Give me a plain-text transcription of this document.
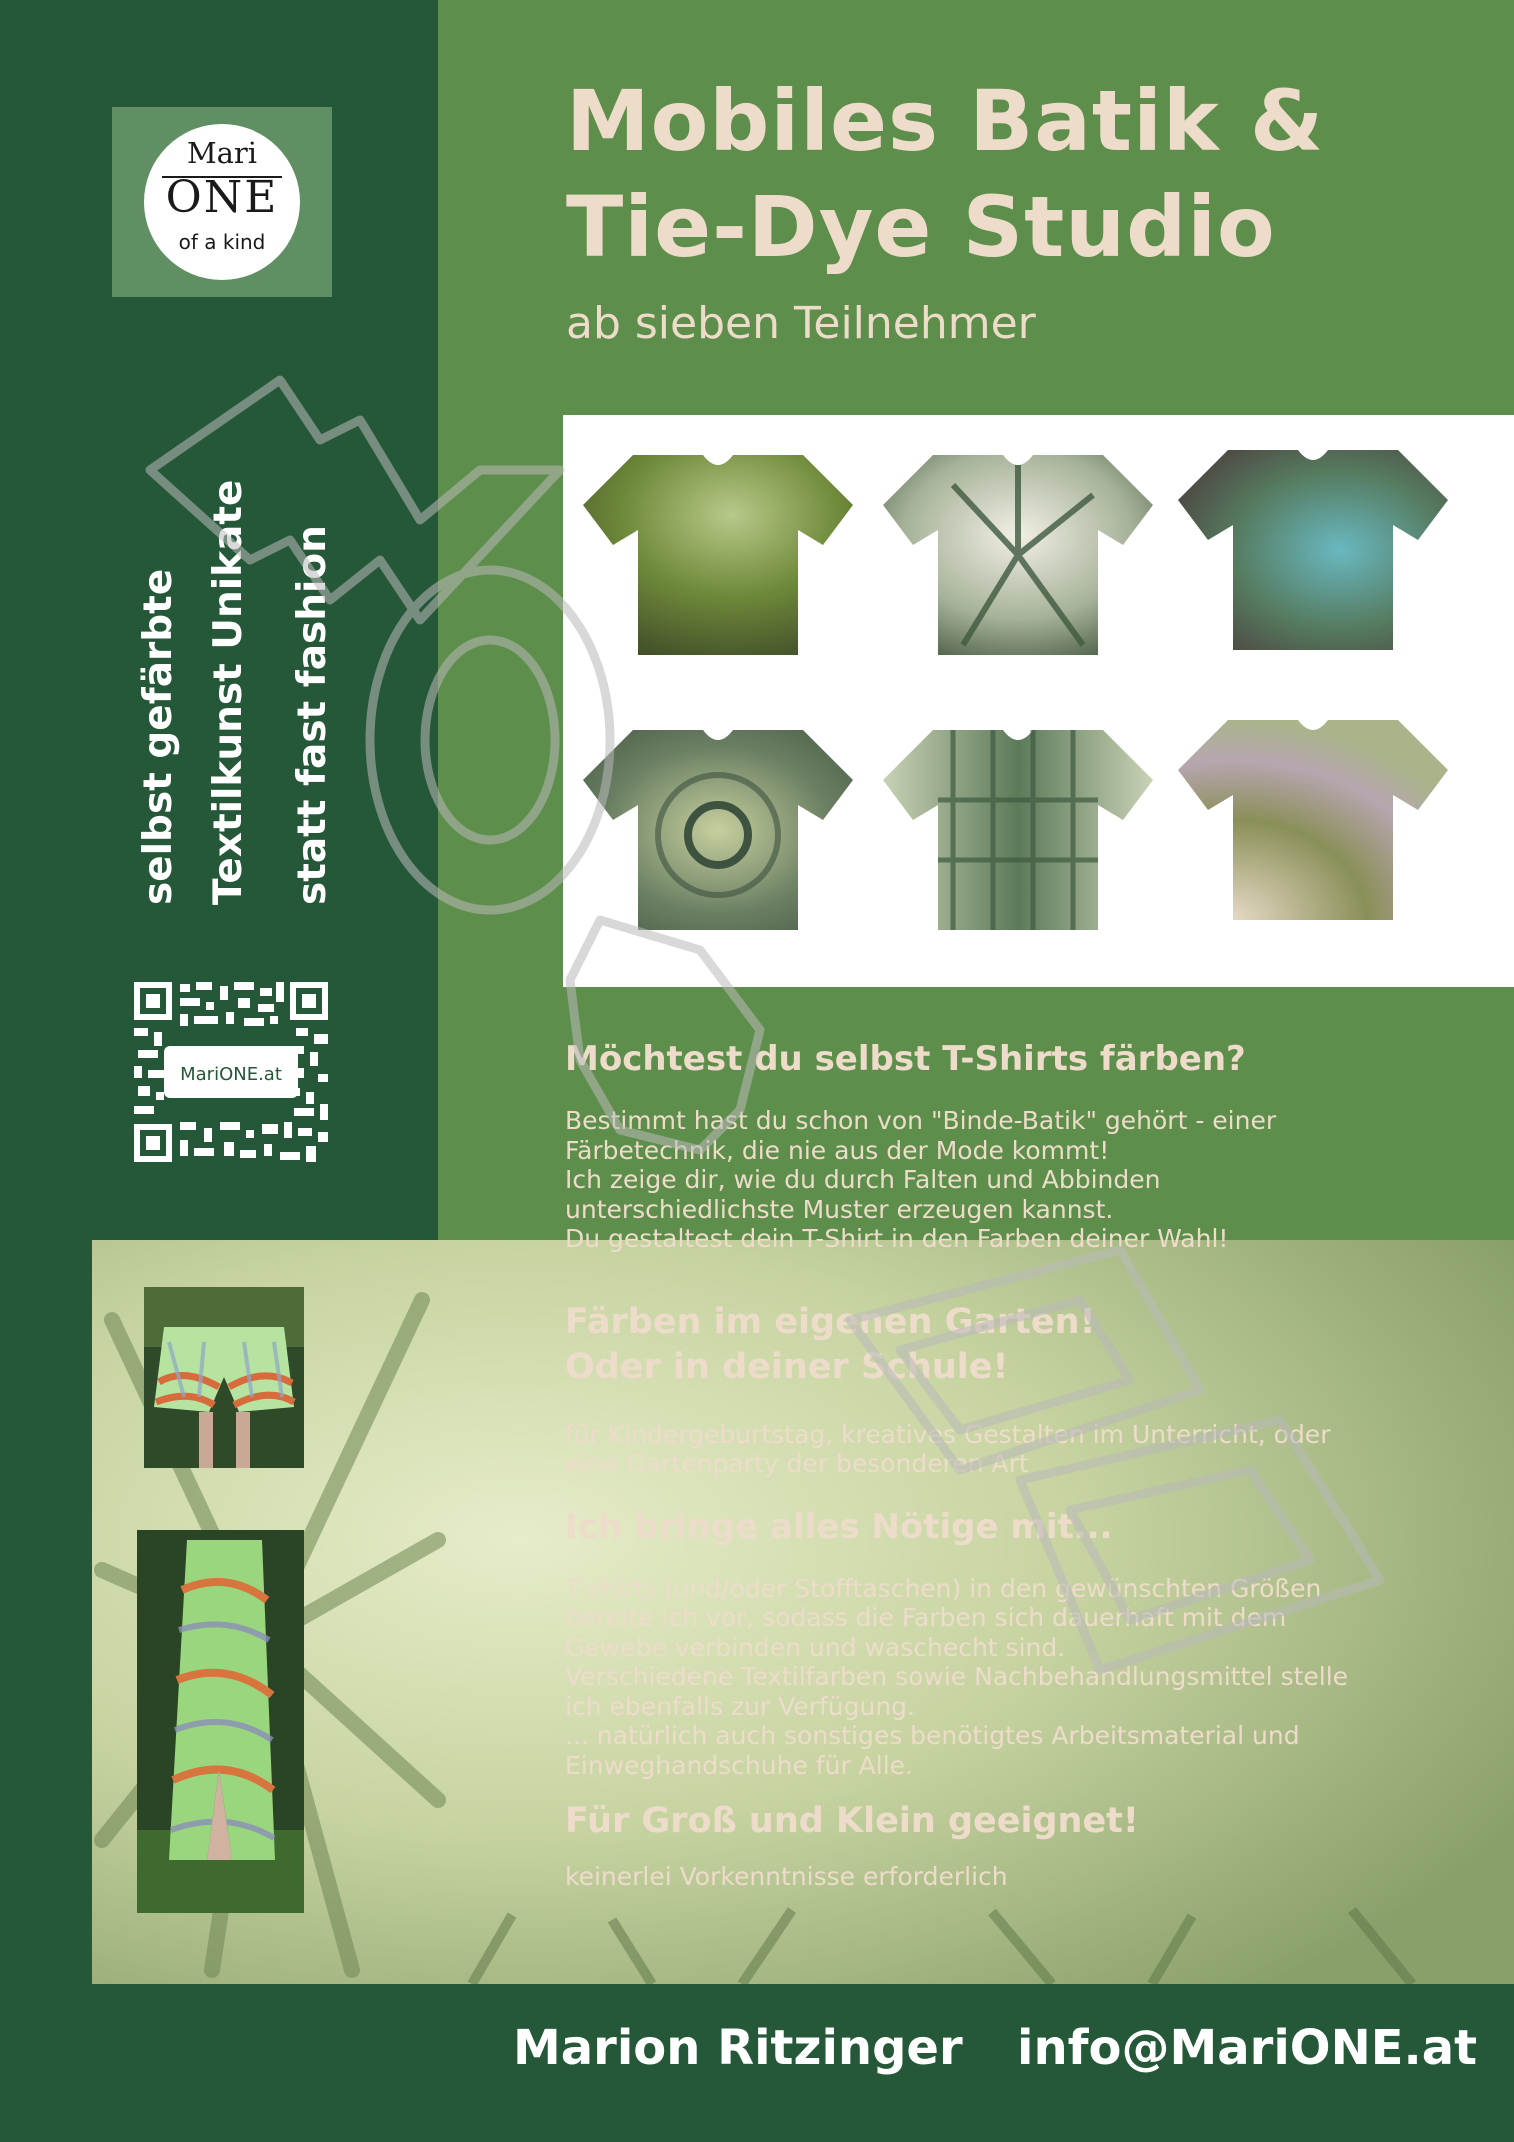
Mari
ONE
of a kind
selbst gefärbte Textilkunst Unikate statt fast fashion
MariONE.at
Mobiles Batik &
Tie-Dye Studio
ab sieben Teilnehmer
Möchtest du selbst T-Shirts färben?
Bestimmt hast du schon von "Binde-Batik" gehört - einer
Färbetechnik, die nie aus der Mode kommt!
Ich zeige dir, wie du durch Falten und Abbinden
unterschiedlichste Muster erzeugen kannst.
Du gestaltest dein T-Shirt in den Farben deiner Wahl!
Färben im eigenen Garten!
Oder in deiner Schule!
für Kindergeburtstag, kreatives Gestalten im Unterricht, oder
eine Gartenparty der besonderen Art
Ich bringe alles Nötige mit...
T-shirts (und/oder Stofftaschen) in den gewünschten Größen
bereite ich vor, sodass die Farben sich dauerhaft mit dem
Gewebe verbinden und waschecht sind.
Verschiedene Textilfarben sowie Nachbehandlungsmittel stelle
ich ebenfalls zur Verfügung.
... natürlich auch sonstiges benötigtes Arbeitsmaterial und
Einweghandschuhe für Alle.
Für Groß und Klein geeignet!
keinerlei Vorkenntnisse erforderlich
Marion Ritzinger info@MariONE.at
